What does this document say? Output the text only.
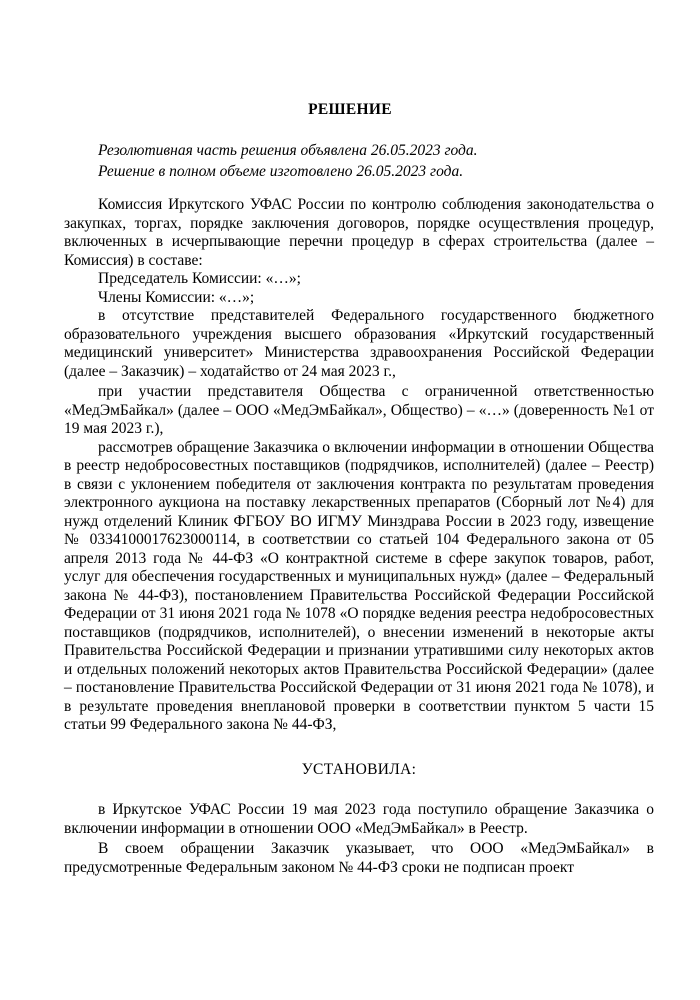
РЕШЕНИЕ
Резолютивная часть решения объявлена 26.05.2023 года.
Решение в полном объеме изготовлено 26.05.2023 года.

Комиссия Иркутского УФАС России по контролю соблюдения законодательства о закупках, торгах, порядке заключения договоров, порядке осуществления процедур, включенных в исчерпывающие перечни процедур в сферах строительства (далее – Комиссия) в составе:

Председатель Комиссии: «…»;

Члены Комиссии: «…»;

в отсутствие представителей Федерального государственного бюджетного образовательного учреждения высшего образования «Иркутский государственный медицинский университет» Министерства здравоохранения Российской Федерации (далее – Заказчик) – ходатайство от 24 мая 2023 г.,

при участии представителя Общества с ограниченной ответственностью «МедЭмБайкал» (далее – ООО «МедЭмБайкал», Общество) – «…» (доверенность №1 от 19 мая 2023 г.),

рассмотрев обращение Заказчика о включении информации в отношении Общества в реестр недобросовестных поставщиков (подрядчиков, исполнителей) (далее – Реестр) в связи с уклонением победителя от заключения контракта по результатам проведения электронного аукциона на поставку лекарственных препаратов (Сборный лот №4) для нужд отделений Клиник ФГБОУ ВО ИГМУ Минздрава России в 2023 году, извещение № 0334100017623000114, в соответствии со статьей 104 Федерального закона от 05 апреля 2013 года № 44-ФЗ «О контрактной системе в сфере закупок товаров, работ, услуг для обеспечения государственных и муниципальных нужд» (далее – Федеральный закона № 44-ФЗ), постановлением Правительства Российской Федерации Российской Федерации от 31 июня 2021 года № 1078 «О порядке ведения реестра недобросовестных поставщиков (подрядчиков, исполнителей), о внесении изменений в некоторые акты Правительства Российской Федерации и признании утратившими силу некоторых актов и отдельных положений некоторых актов Правительства Российской Федерации» (далее – постановление Правительства Российской Федерации от 31 июня 2021 года № 1078), и в результате проведения внеплановой проверки в соответствии пунктом 5 части 15 статьи 99 Федерального закона № 44-ФЗ,

УСТАНОВИЛА:

в Иркутское УФАС России 19 мая 2023 года поступило обращение Заказчика о включении информации в отношении ООО «МедЭмБайкал» в Реестр.

В своем обращении Заказчик указывает, что ООО «МедЭмБайкал» в предусмотренные Федеральным законом № 44-ФЗ сроки не подписан проект
